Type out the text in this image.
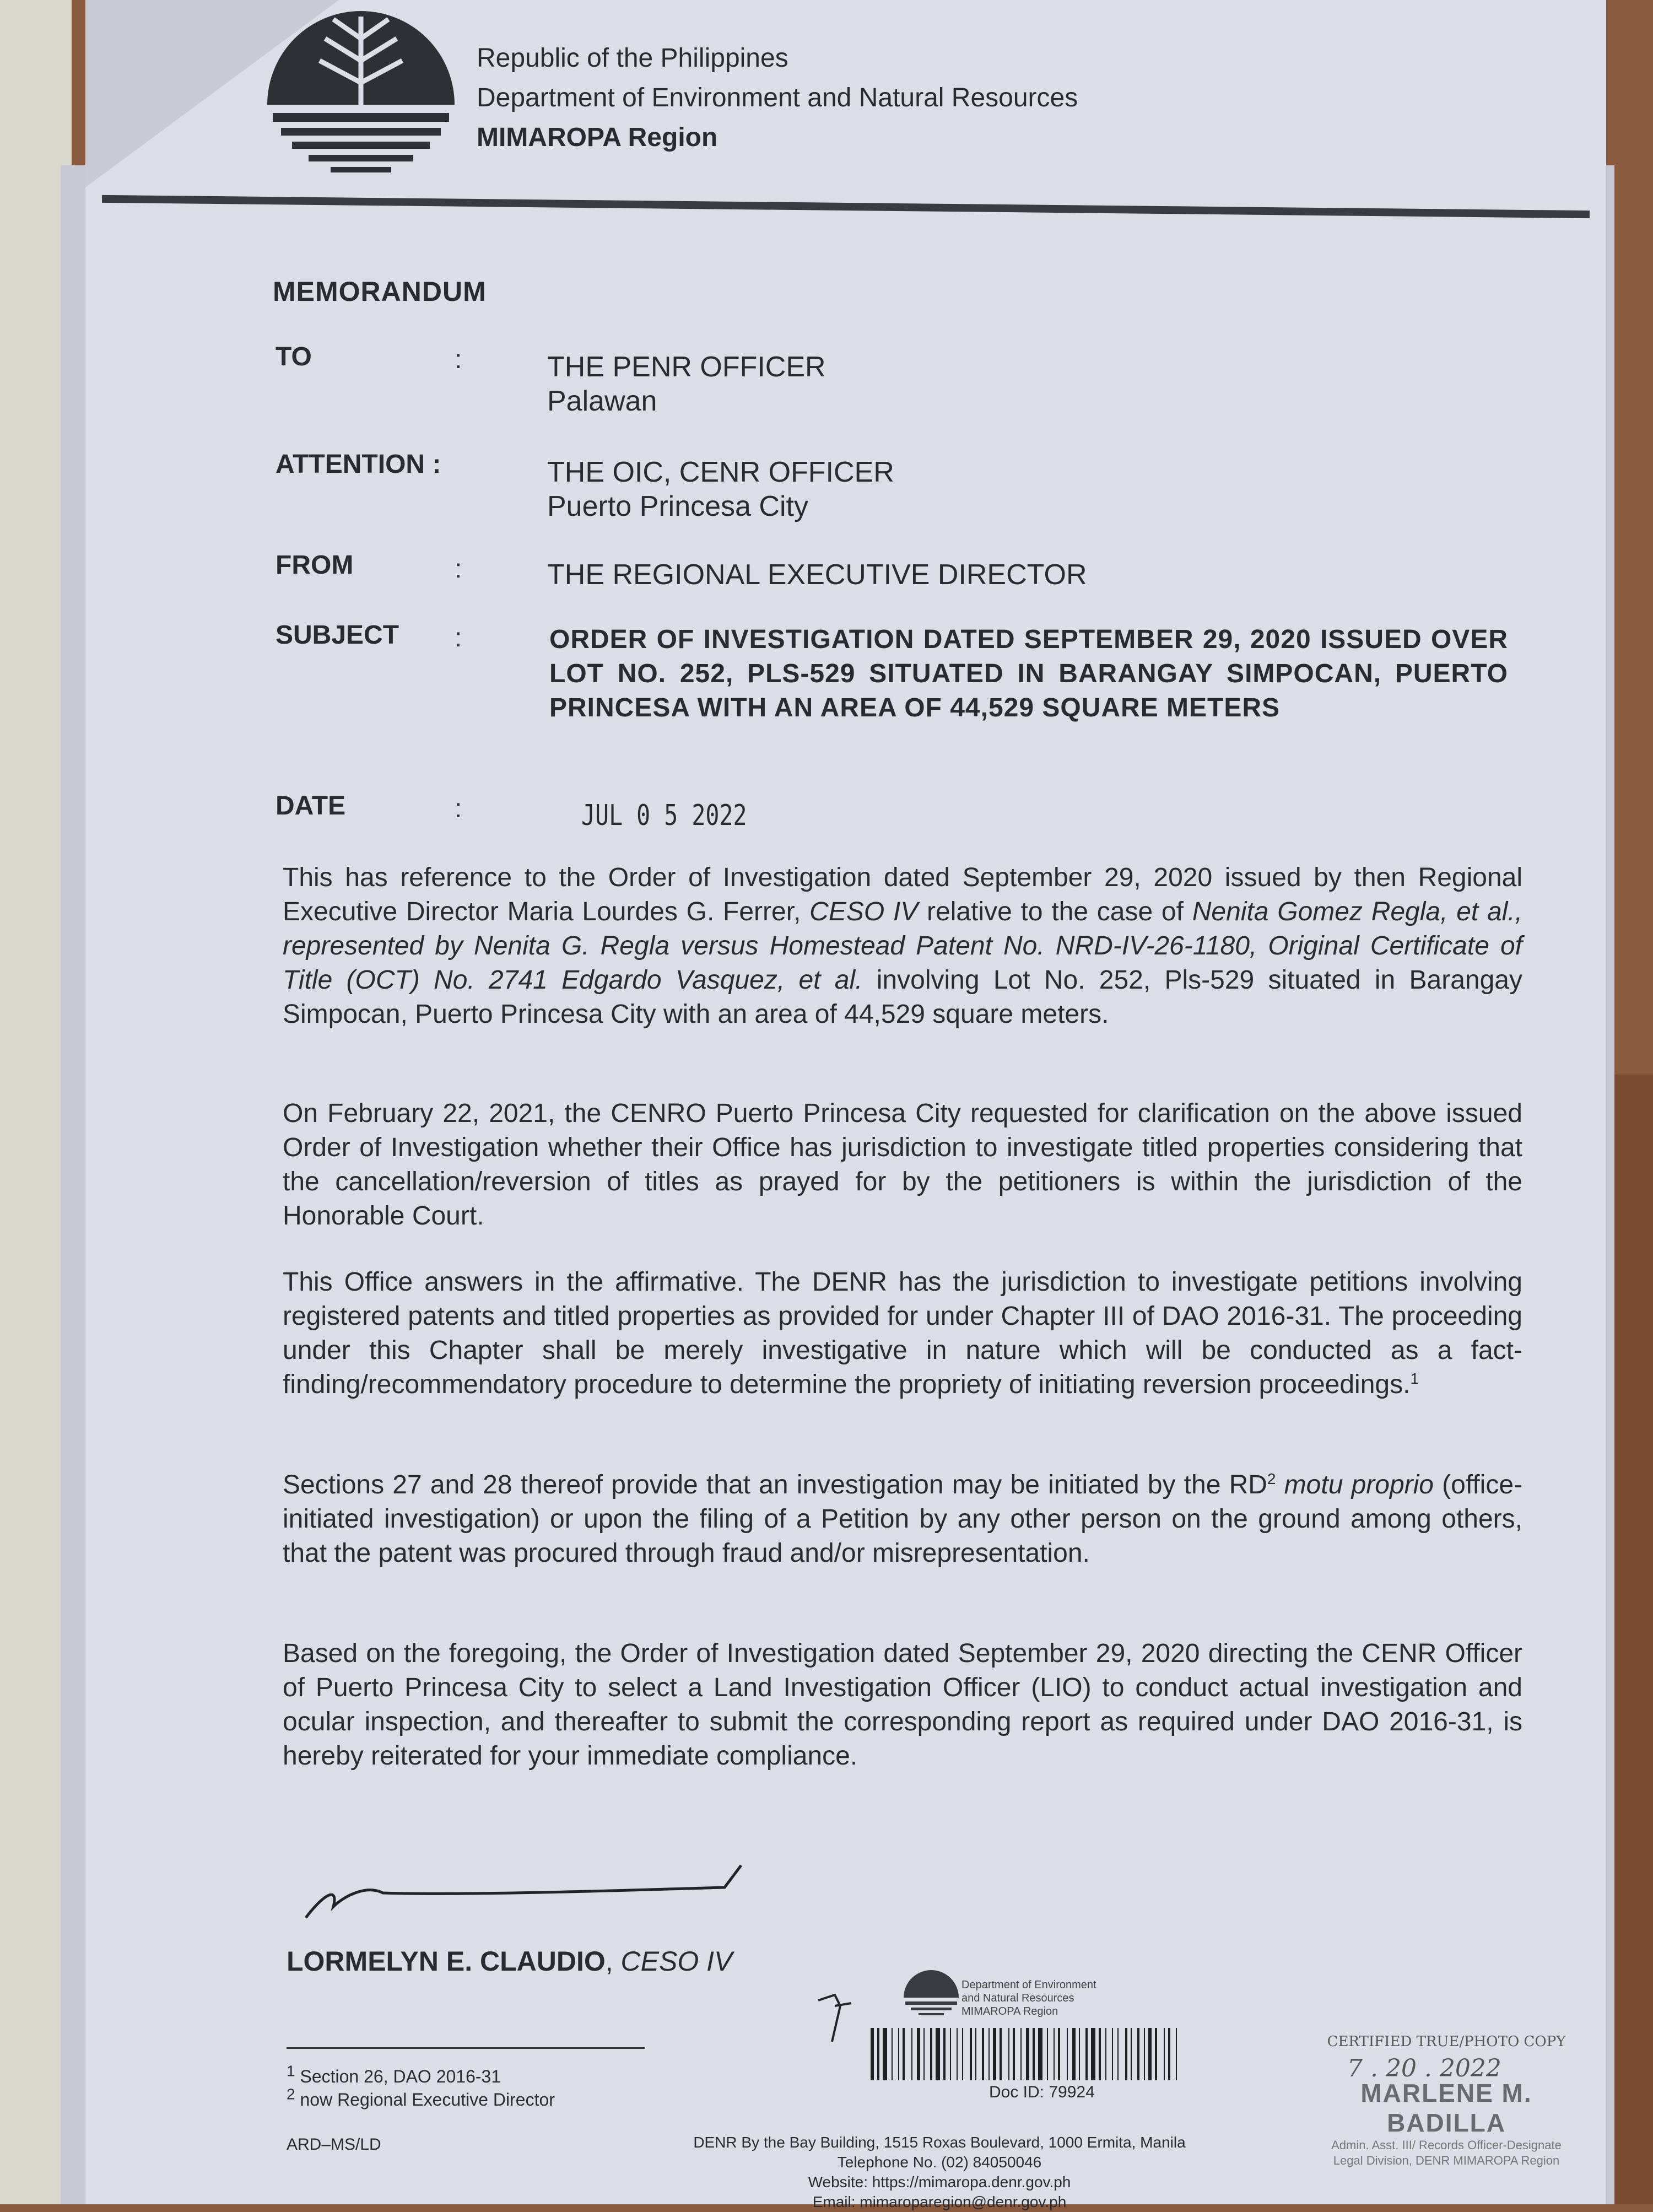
Republic of the Philippines
Department of Environment and Natural Resources
MIMAROPA Region
MEMORANDUM
TO	:	THE PENR OFFICER
Palawan
ATTENTION :	THE OIC, CENR OFFICER
Puerto Princesa City
FROM	:	THE REGIONAL EXECUTIVE DIRECTOR
SUBJECT :	ORDER OF INVESTIGATION DATED SEPTEMBER 29, 2020 ISSUED OVER LOT NO. 252, PLS-529 SITUATED IN BARANGAY SIMPOCAN, PUERTO PRINCESA WITH AN AREA OF 44,529 SQUARE METERS
DATE	:	JUL 0 5 2022

This has reference to the Order of Investigation dated September 29, 2020 issued by then Regional Executive Director Maria Lourdes G. Ferrer, CESO IV relative to the case of Nenita Gomez Regla, et al., represented by Nenita G. Regla versus Homestead Patent No. NRD-IV-26-1180, Original Certificate of Title (OCT) No. 2741 Edgardo Vasquez, et al. involving Lot No. 252, Pls-529 situated in Barangay Simpocan, Puerto Princesa City with an area of 44,529 square meters.

On February 22, 2021, the CENRO Puerto Princesa City requested for clarification on the above issued Order of Investigation whether their Office has jurisdiction to investigate titled properties considering that the cancellation/reversion of titles as prayed for by the petitioners is within the jurisdiction of the Honorable Court.

This Office answers in the affirmative. The DENR has the jurisdiction to investigate petitions involving registered patents and titled properties as provided for under Chapter III of DAO 2016-31. The proceeding under this Chapter shall be merely investigative in nature which will be conducted as a fact-finding/recommendatory procedure to determine the propriety of initiating reversion proceedings.$^1$

Sections 27 and 28 thereof provide that an investigation may be initiated by the $RD^2$ motu proprio (office-initiated investigation) or upon the filing of a Petition by any other person on the ground among others, that the patent was procured through fraud and/or misrepresentation.

Based on the foregoing, the Order of Investigation dated September 29, 2020 directing the CENR Officer of Puerto Princesa City to select a Land Investigation Officer (LIO) to conduct actual investigation and ocular inspection, and thereafter to submit the corresponding report as required under DAO 2016-31, is hereby reiterated for your immediate compliance.

LORMELYN E. CLAUDIO, CESO IV
$^1$ Section 26, DAO 2016-31
$^2$ now Regional Executive Director
ARD–MS/LD
Department of Environment
and Natural Resources
MIMAROPA Region
Doc ID: 79924
DENR By the Bay Building, 1515 Roxas Boulevard, 1000 Ermita, Manila
Telephone No. (02) 84050046
Website: https://mimaropa.denr.gov.ph
Email: mimaroparegion@denr.gov.ph
CERTIFIED TRUE/PHOTO COPY
7 . 20 . 2022
MARLENE M. BADILLA
Admin. Asst. III/ Records Officer-Designate
Legal Division, DENR MIMAROPA Region
